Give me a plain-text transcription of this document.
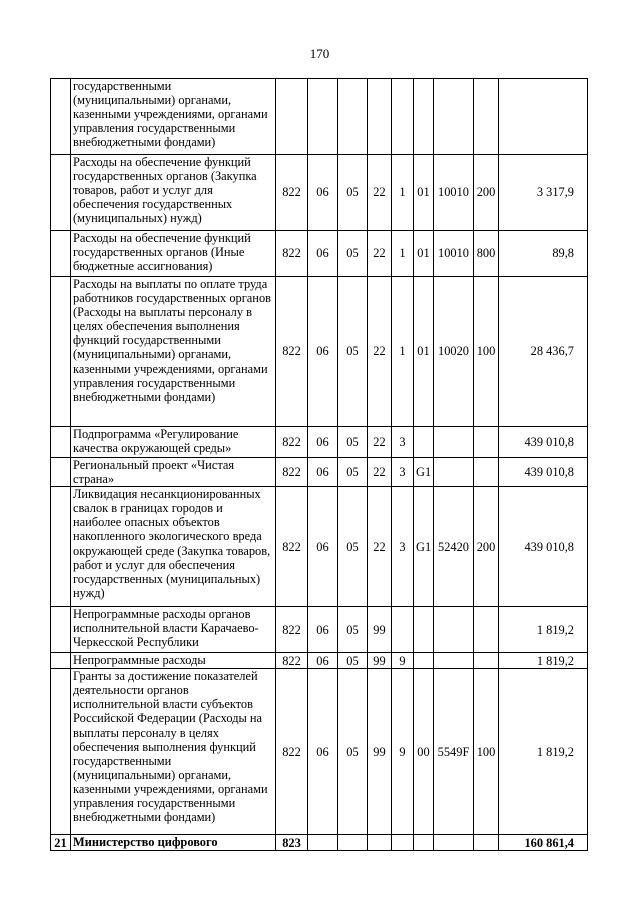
170
	государственными (муниципальными) органами, казенными учреждениями, органами управления государственными внебюджетными фондами)									
	Расходы на обеспечение функций государственных органов (Закупка товаров, работ и услуг для обеспечения государственных (муниципальных) нужд)	822	06	05	22	1	01	10010	200	3 317,9
	Расходы на обеспечение функций государственных органов (Иные бюджетные ассигнования)	822	06	05	22	1	01	10010	800	89,8
	Расходы на выплаты по оплате труда работников государственных органов (Расходы на выплаты персоналу в целях обеспечения выполнения функций государственными (муниципальными) органами, казенными учреждениями, органами управления государственными внебюджетными фондами)	822	06	05	22	1	01	10020	100	28 436,7
	Подпрограмма «Регулирование качества окружающей среды»	822	06	05	22	3				439 010,8
	Региональный проект «Чистая страна»	822	06	05	22	3	G1			439 010,8
	Ликвидация несанкционированных свалок в границах городов и наиболее опасных объектов накопленного экологического вреда окружающей среде (Закупка товаров, работ и услуг для обеспечения государственных (муниципальных) нужд)	822	06	05	22	3	G1	52420	200	439 010,8
	Непрограммные расходы органов исполнительной власти Карачаево-Черкесской Республики	822	06	05	99					1 819,2
	Непрограммные расходы	822	06	05	99	9				1 819,2
	Гранты за достижение показателей деятельности органов исполнительной власти субъектов Российской Федерации (Расходы на выплаты персоналу в целях обеспечения выполнения функций государственными (муниципальными) органами, казенными учреждениями, органами управления государственными внебюджетными фондами)	822	06	05	99	9	00	5549F	100	1 819,2
21	Министерство цифрового	823								160 861,4
